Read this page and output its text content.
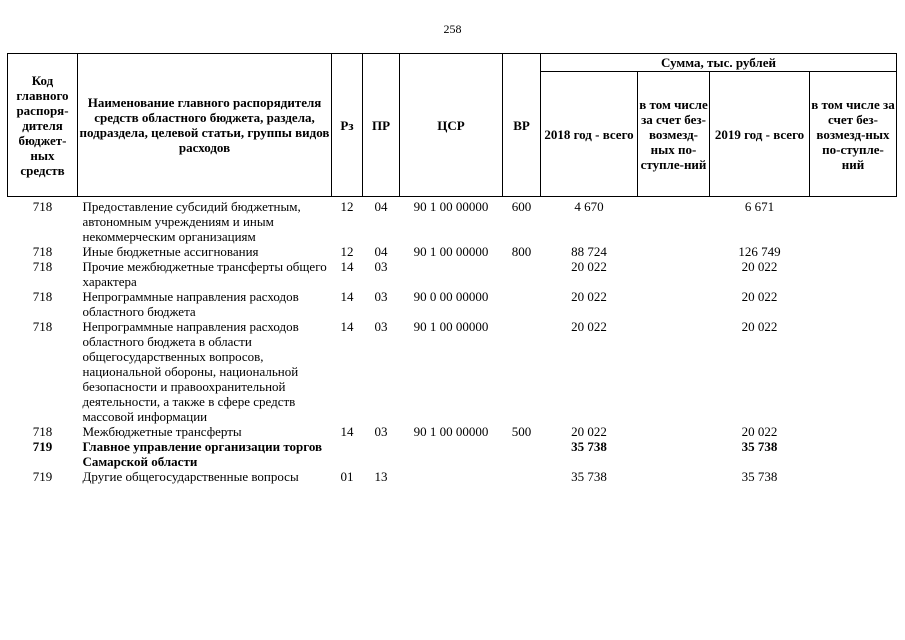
258
Код главного распоря-дителя бюджет-ных средств	Наименование главного распорядителя средств областного бюджета, раздела, подраздела, целевой статьи, группы видов расходов	Рз	ПР	ЦСР	ВР	Сумма, тыс. рублей			
						2018 год - всего	в том числе за счет без-возмезд-ных по-ступле-ний	2019 год - всего	в том числе за счет без-возмезд-ных по-ступле-ний
718	Предоставление субсидий бюджетным, автономным учреждениям и иным некоммерческим организациям	12	04	90 1 00 00000	600	4 670		6 671	
718	Иные бюджетные ассигнования	12	04	90 1 00 00000	800	88 724		126 749	
718	Прочие межбюджетные трансферты общего характера	14	03			20 022		20 022	
718	Непрограммные направления расходов областного бюджета	14	03	90 0 00 00000		20 022		20 022	
718	Непрограммные направления расходов областного бюджета в области общегосударственных вопросов, национальной обороны, национальной безопасности и правоохранительной деятельности, а также в сфере средств массовой информации	14	03	90 1 00 00000		20 022		20 022	
718	Межбюджетные трансферты	14	03	90 1 00 00000	500	20 022		20 022	
719	Главное управление организации торгов Самарской области					35 738		35 738	
719	Другие общегосударственные вопросы	01	13			35 738		35 738	
